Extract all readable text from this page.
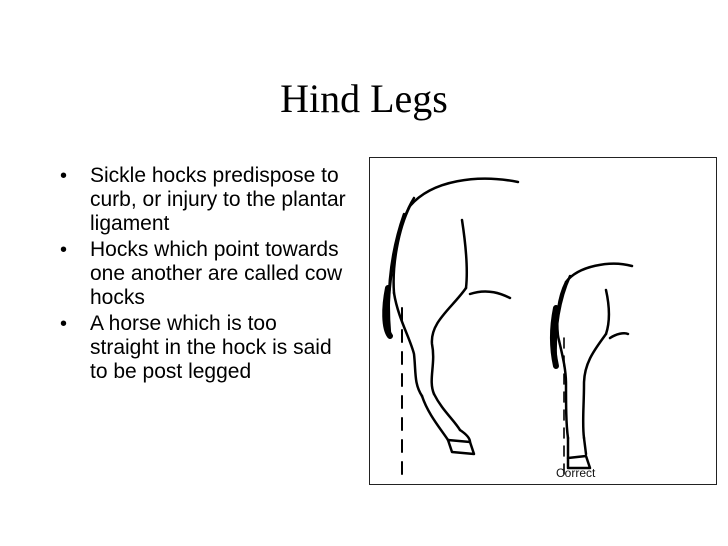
Hind Legs
• Sickle hocks predispose to curb, or injury to the plantar ligament
• Hocks which point towards one another are called cow hocks
• A horse which is too straight in the hock is said to be post legged
Correct
